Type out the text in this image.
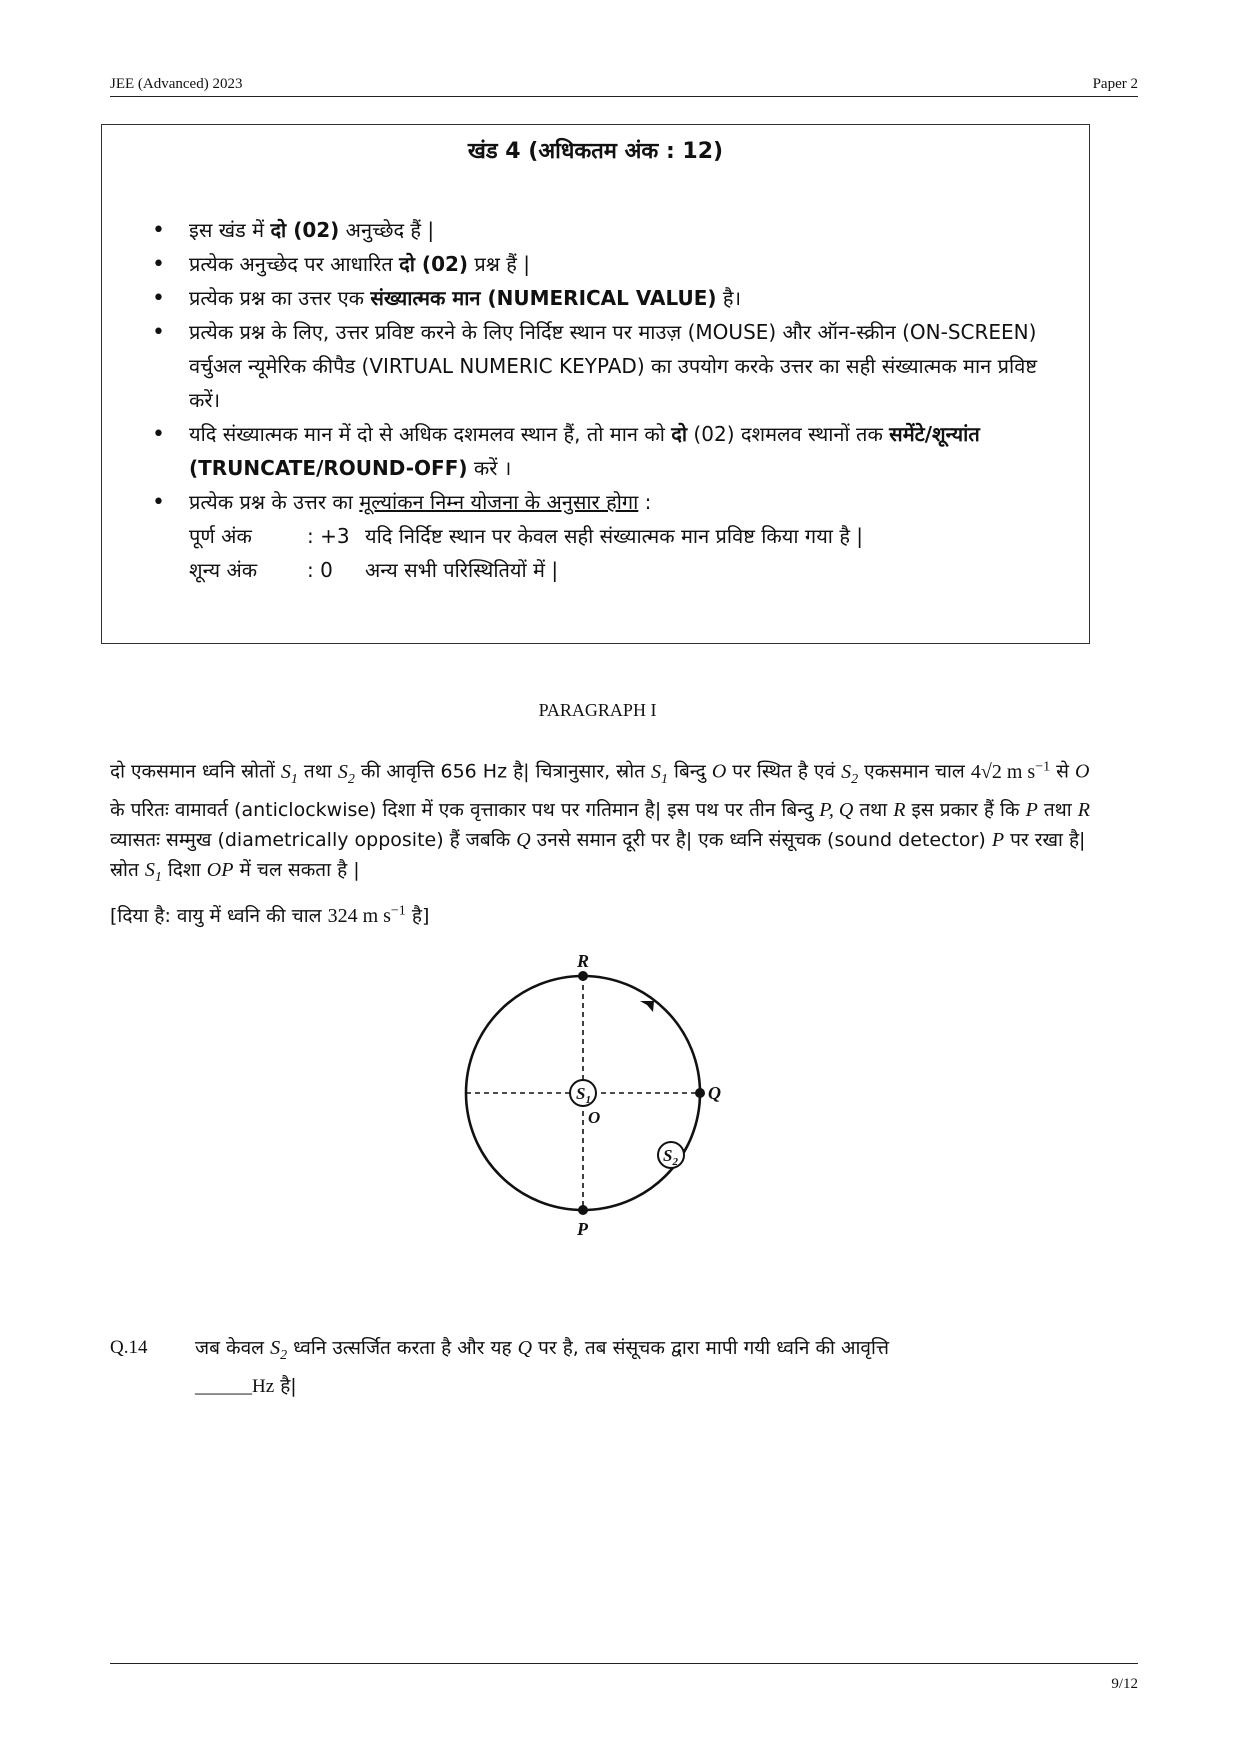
JEE (Advanced) 2023	Paper 2
खंड 4 (अधिकतम अंक : 12)
• इस खंड में दो (02) अनुच्छेद हैं |
• प्रत्येक अनुच्छेद पर आधारित दो (02) प्रश्न हैं |
• प्रत्येक प्रश्न का उत्तर एक संख्यात्मक मान (NUMERICAL VALUE) है।
• प्रत्येक प्रश्न के लिए, उत्तर प्रविष्ट करने के लिए निर्दिष्ट स्थान पर माउज़ (MOUSE) और ऑन-स्क्रीन (ON-SCREEN) वर्चुअल न्यूमेरिक कीपैड (VIRTUAL NUMERIC KEYPAD) का उपयोग करके उत्तर का सही संख्यात्मक मान प्रविष्ट करें।
• यदि संख्यात्मक मान में दो से अधिक दशमलव स्थान हैं, तो मान को दो (02) दशमलव स्थानों तक समेंटे/शून्यांत (TRUNCATE/ROUND-OFF) करें ।
• प्रत्येक प्रश्न के उत्तर का मूल्यांकन निम्न योजना के अनुसार होगा :
पूर्ण अंक	: +3 यदि निर्दिष्ट स्थान पर केवल सही संख्यात्मक मान प्रविष्ट किया गया है |
शून्य अंक : 0 अन्य सभी परिस्थितियों में |
PARAGRAPH I
दो एकसमान ध्वनि स्रोतों $S_1$ तथा $S_2$ की आवृत्ति 656 Hz है| चित्रानुसार, स्रोत $S_1$ बिन्दु O पर स्थित है एवं $S_2$ एकसमान चाल 4√2 m $s^{-1}$ से O के परितः वामावर्त (anticlockwise) दिशा में एक वृत्ताकार पथ पर गतिमान है| इस पथ पर तीन बिन्दु P, Q तथा R इस प्रकार हैं कि P तथा R व्यासतः सम्मुख (diametrically opposite) हैं जबकि Q उनसे समान दूरी पर है| एक ध्वनि संसूचक (sound detector) P पर रखा है| स्रोत $S_1$ दिशा OP में चल सकता है |
[दिया है: वायु में ध्वनि की चाल 324 m $s^{-1}$ है]
$S_1$
$S_2$
R
Q
P
O
Q.14	जब केवल $S_2$ ध्वनि उत्सर्जित करता है और यह Q पर है, तब संसूचक द्वारा मापी गयी ध्वनि की आवृत्ति
______Hz है|
9/12
